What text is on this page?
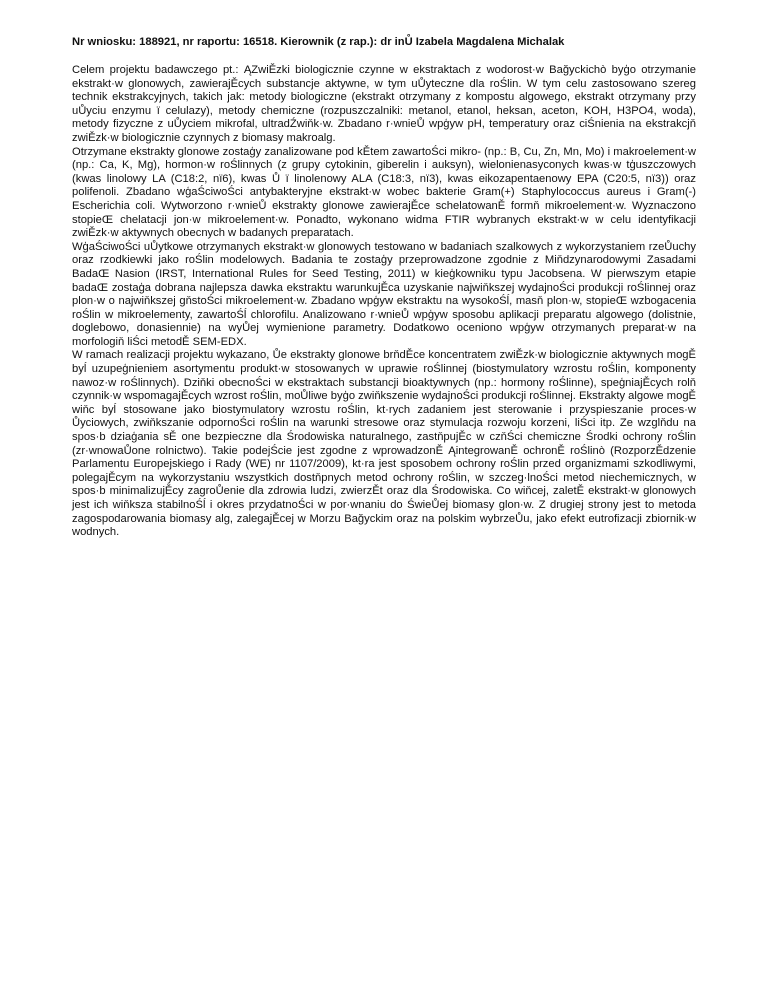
Nr wniosku: 188921, nr raportu: 16518. Kierownik (z rap.): dr inŮ Izabela Magdalena Michalak

Celem projektu badawczego pt.: ĄZwiĚzki biologicznie czynne w ekstraktach z wodorost·w Bağyckichò byģo otrzymanie ekstrakt·w glonowych, zawierajĚcych substancje aktywne, w tym uŮyteczne dla roŚlin. W tym celu zastosowano szereg technik ekstrakcyjnych, takich jak: metody biologiczne (ekstrakt otrzymany z kompostu algowego, ekstrakt otrzymany przy uŮyciu enzymu ï celulazy), metody chemiczne (rozpuszczalniki: metanol, etanol, heksan, aceton, KOH, H3PO4, woda), metody fizyczne z uŮyciem mikrofal, ultradŹwiňk·w. Zbadano r·wnieŮ wpģyw pH, temperatury oraz ciŚnienia na ekstrakcjň zwiĚzk·w biologicznie czynnych z biomasy makroalg.

Otrzymane ekstrakty glonowe zostaģy zanalizowane pod kĚtem zawartoŚci mikro- (np.: B, Cu, Zn, Mn, Mo) i makroelement·w (np.: Ca, K, Mg), hormon·w roŚlinnych (z grupy cytokinin, giberelin i auksyn), wielonienasyconych kwas·w tģuszczowych (kwas linolowy LA (C18:2, nï6), kwas Ů ï linolenowy ALA (C18:3, nï3), kwas eikozapentaenowy EPA (C20:5, nï3)) oraz polifenoli. Zbadano wģaŚciwoŚci antybakteryjne ekstrakt·w wobec bakterie Gram(+) Staphylococcus aureus i Gram(-) Escherichia coli. Wytworzono r·wnieŮ ekstrakty glonowe zawierajĚce schelatowanĚ formň mikroelement·w. Wyznaczono stopieŒ chelatacji jon·w mikroelement·w. Ponadto, wykonano widma FTIR wybranych ekstrakt·w w celu identyfikacji zwiĚzk·w aktywnych obecnych w badanych preparatach.

WģaŚciwoŚci uŮytkowe otrzymanych ekstrakt·w glonowych testowano w badaniach szalkowych z wykorzystaniem rzeŮuchy oraz rzodkiewki jako roŚlin modelowych. Badania te zostaģy przeprowadzone zgodnie z Miňdzynarodowymi Zasadami BadaŒ Nasion (IRST, International Rules for Seed Testing, 2011) w kieģkowniku typu Jacobsena. W pierwszym etapie badaŒ zostaģa dobrana najlepsza dawka ekstraktu warunkujĚca uzyskanie najwiňkszej wydajnoŚci produkcji roŚlinnej oraz plon·w o najwiňkszej gňstoŚci mikroelement·w. Zbadano wpģyw ekstraktu na wysokoŚĺ, masň plon·w, stopieŒ wzbogacenia roŚlin w mikroelementy, zawartoŚĺ chlorofilu. Analizowano r·wnieŮ wpģyw sposobu aplikacji preparatu algowego (dolistnie, doglebowo, donasiennie) na wyŮej wymienione parametry. Dodatkowo oceniono wpģyw otrzymanych preparat·w na morfologiň liŚci metodĚ SEM-EDX.

W ramach realizacji projektu wykazano, Ůe ekstrakty glonowe brňdĚce koncentratem zwiĚzk·w biologicznie aktywnych mogĚ byĺ uzupeģnieniem asortymentu produkt·w stosowanych w uprawie roŚlinnej (biostymulatory wzrostu roŚlin, komponenty nawoz·w roŚlinnych). Dziňki obecnoŚci w ekstraktach substancji bioaktywnych (np.: hormony roŚlinne), speģniajĚcych rolň czynnik·w wspomagajĚcych wzrost roŚlin, moŮliwe byģo zwiňkszenie wydajnoŚci produkcji roŚlinnej. Ekstrakty algowe mogĚ wiňc byĺ stosowane jako biostymulatory wzrostu roŚlin, kt·rych zadaniem jest sterowanie i przyspieszanie proces·w Ůyciowych, zwiňkszanie odpornoŚci roŚlin na warunki stresowe oraz stymulacja rozwoju korzeni, liŚci itp. Ze wzglňdu na spos·b dziaģania sĚ one bezpieczne dla Środowiska naturalnego, zastňpujĚc w czňŚci chemiczne Środki ochrony roŚlin (zr·wnowaŮone rolnictwo). Takie podejŚcie jest zgodne z wprowadzonĚ ĄintegrowanĚ ochronĚ roŚlinò (RozporzĚdzenie Parlamentu Europejskiego i Rady (WE) nr 1107/2009), kt·ra jest sposobem ochrony roŚlin przed organizmami szkodliwymi, polegajĚcym na wykorzystaniu wszystkich dostňpnych metod ochrony roŚlin, w szczeg·lnoŚci metod niechemicznych, w spos·b minimalizujĚcy zagroŮenie dla zdrowia ludzi, zwierzĚt oraz dla Środowiska. Co wiňcej, zaletĚ ekstrakt·w glonowych jest ich wiňksza stabilnoŚĺ i okres przydatnoŚci w por·wnaniu do ŚwieŮej biomasy glon·w. Z drugiej strony jest to metoda zagospodarowania biomasy alg, zalegajĚcej w Morzu Bağyckim oraz na polskim wybrzeŮu, jako efekt eutrofizacji zbiornik·w wodnych.
